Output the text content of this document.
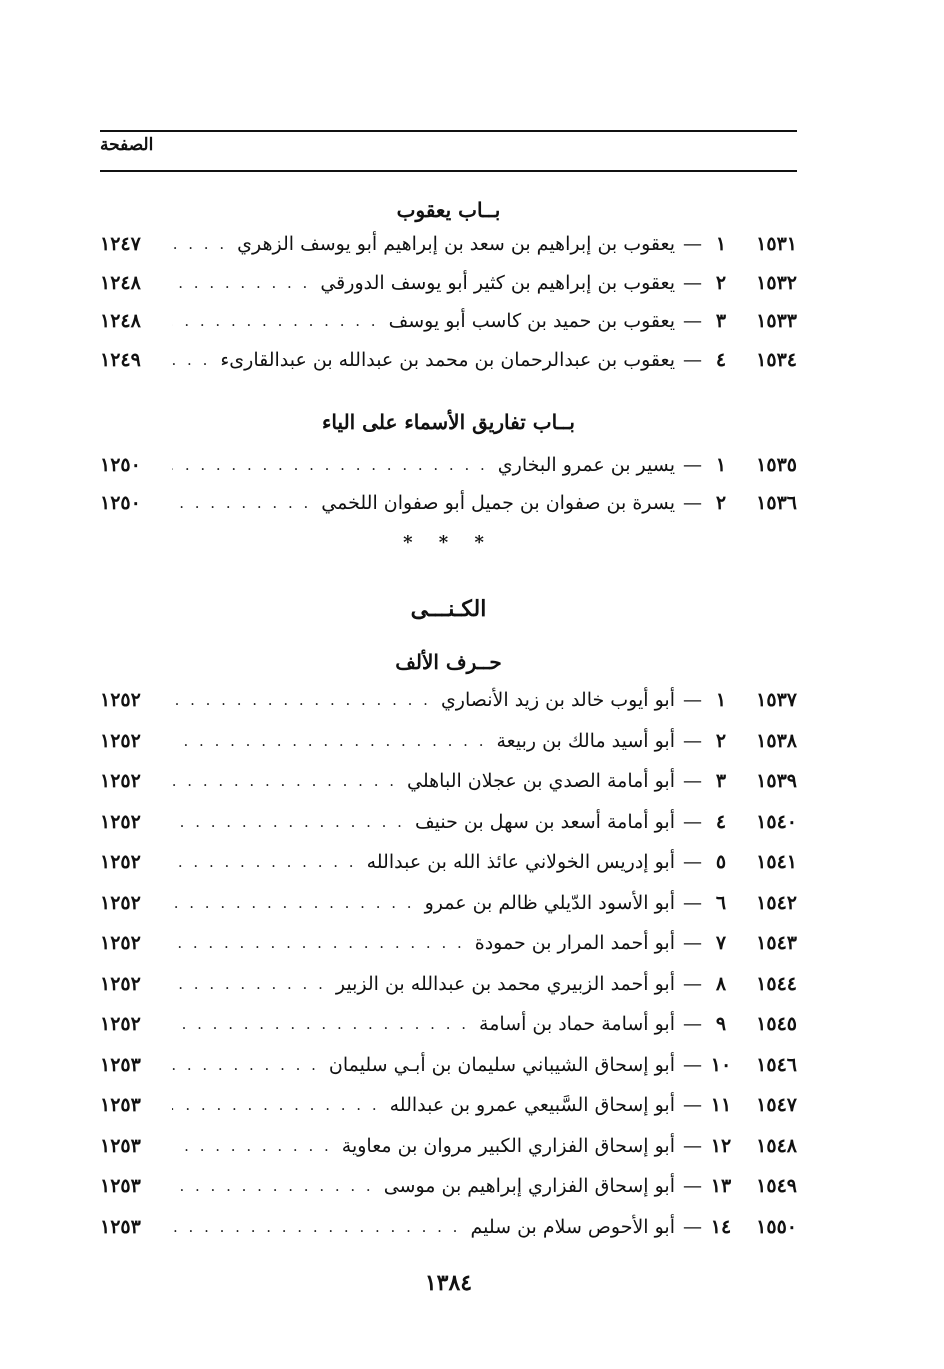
الصفحة
بــاب يعقوب
١٥٣١
١
—
يعقوب بن إبراهيم بن سعد بن إبراهيم أبو يوسف الزهري
. . .
١٢٤٧
١٥٣٢
٢
—
يعقوب بن إبراهيم بن كثير أبو يوسف الدورقي
. . .
١٢٤٨
١٥٣٣
٣
—
يعقوب بن حميد بن كاسب أبو يوسف
. . .
١٢٤٨
١٥٣٤
٤
—
يعقوب بن عبدالرحمان بن محمد بن عبدالله بن عبدالقارىء
. . .
١٢٤٩
بــاب تفاريق الأسماء على الياء
١٥٣٥
١
—
يسير بن عمرو البخاري
. . .
١٢٥٠
١٥٣٦
٢
—
يسرة بن صفوان بن جميل أبو صفوان اللخمي
. . .
١٢٥٠
* * *
الكـنـــى
حــرف الألف
١٥٣٧
١
—
أبو أيوب خالد بن زيد الأنصاري
. . .
١٢٥٢
١٥٣٨
٢
—
أبو أسيد مالك بن ربيعة
. . .
١٢٥٢
١٥٣٩
٣
—
أبو أمامة الصدي بن عجلان الباهلي
. . .
١٢٥٢
١٥٤٠
٤
—
أبو أمامة أسعد بن سهل بن حنيف
. . .
١٢٥٢
١٥٤١
٥
—
أبو إدريس الخولاني عائذ الله بن عبدالله
. . .
١٢٥٢
١٥٤٢
٦
—
أبو الأسود الدّيلي ظالم بن عمرو
. . .
١٢٥٢
١٥٤٣
٧
—
أبو أحمد المرار بن حمودة
. . .
١٢٥٢
١٥٤٤
٨
—
أبو أحمد الزبيري محمد بن عبدالله بن الزبير
. . .
١٢٥٢
١٥٤٥
٩
—
أبو أسامة حماد بن أسامة
. . .
١٢٥٢
١٥٤٦
١٠
—
أبو إسحاق الشيباني سليمان بن أبـي سليمان
. . .
١٢٥٣
١٥٤٧
١١
—
أبو إسحاق السَّبيعي عمرو بن عبدالله
. . .
١٢٥٣
١٥٤٨
١٢
—
أبو إسحاق الفزاري الكبير مروان بن معاوية
. . .
١٢٥٣
١٥٤٩
١٣
—
أبو إسحاق الفزاري إبراهيم بن موسى
. . .
١٢٥٣
١٥٥٠
١٤
—
أبو الأحوص سلام بن سليم
. . .
١٢٥٣
١٣٨٤
